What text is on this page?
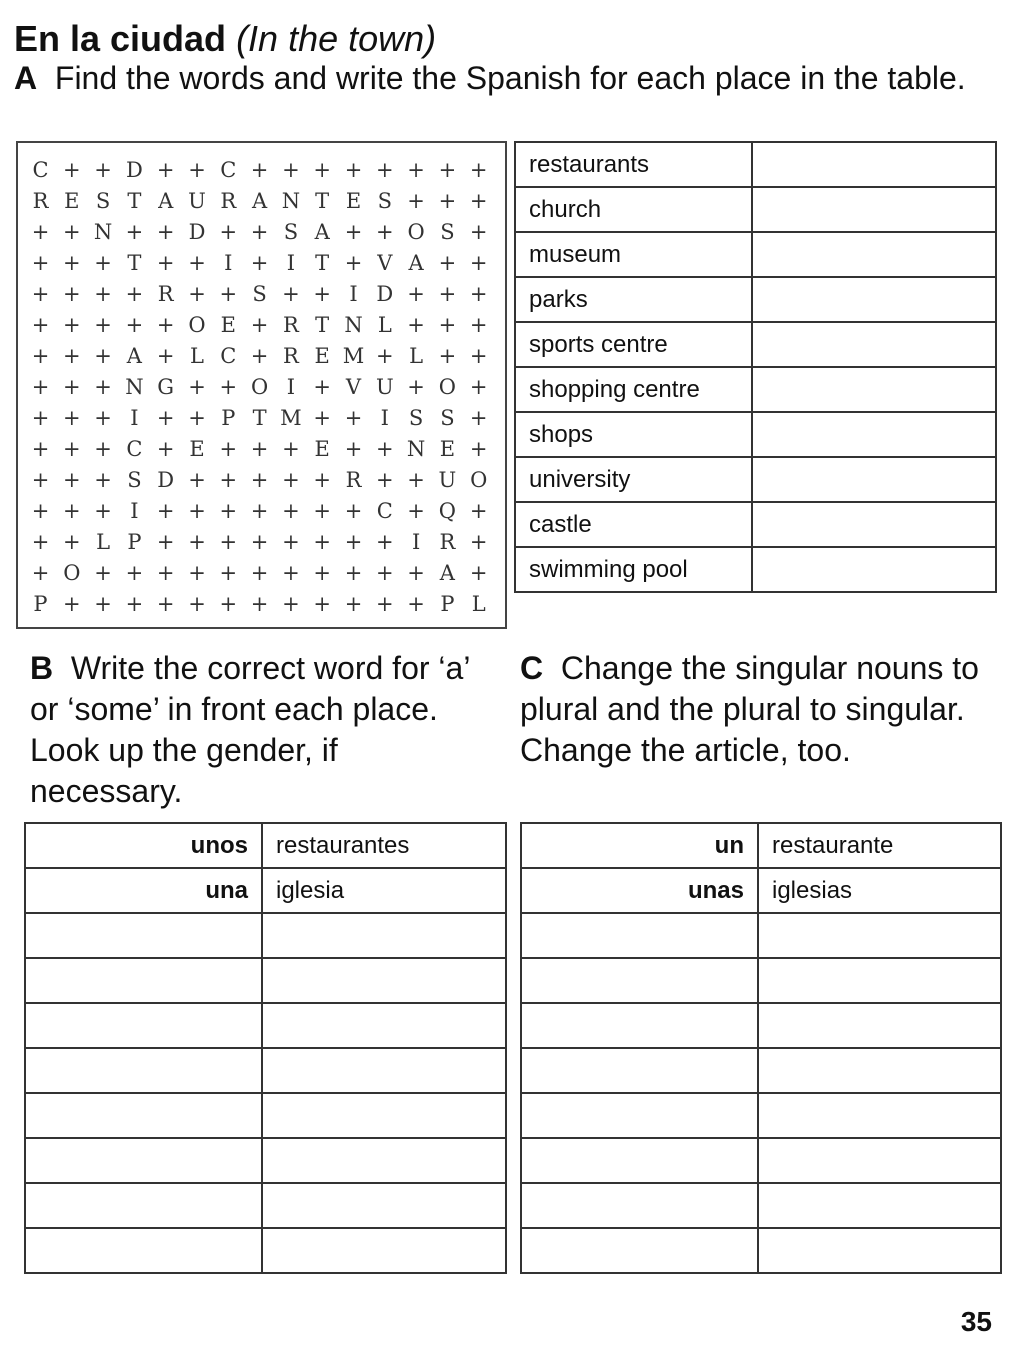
En la ciudad (In the town)
A Find the words and write the Spanish for each place in the table.
C + + D + + C + + + + + + + +
R E S T A U R A N T E S + + +
+ + N + + D + + S A + + O S +
+ + + T + + I + I T + V A + +
+ + + + R + + S + + I D + + +
+ + + + + O E + R T N L + + +
+ + + A + L C + R E M + L + +
+ + + N G + + O I + V U + O +
+ + + I + + P T M + + I S S +
+ + + C + E + + + E + + N E +
+ + + S D + + + + + R + + U O
+ + + I + + + + + + + C + Q +
+ + L P + + + + + + + + I R +
+ O + + + + + + + + + + + A +
P + + + + + + + + + + + + P L
restaurants	
church	
museum	
parks	
sports centre	
shopping centre	
shops	
university	
castle	
swimming pool	
B Write the correct word for ‘a’ or ‘some’ in front each place. Look up the gender, if necessary.
C Change the singular nouns to plural and the plural to singular. Change the article, too.
unos	restaurantes
una	iglesia

un	restaurante
unas	iglesias

35
